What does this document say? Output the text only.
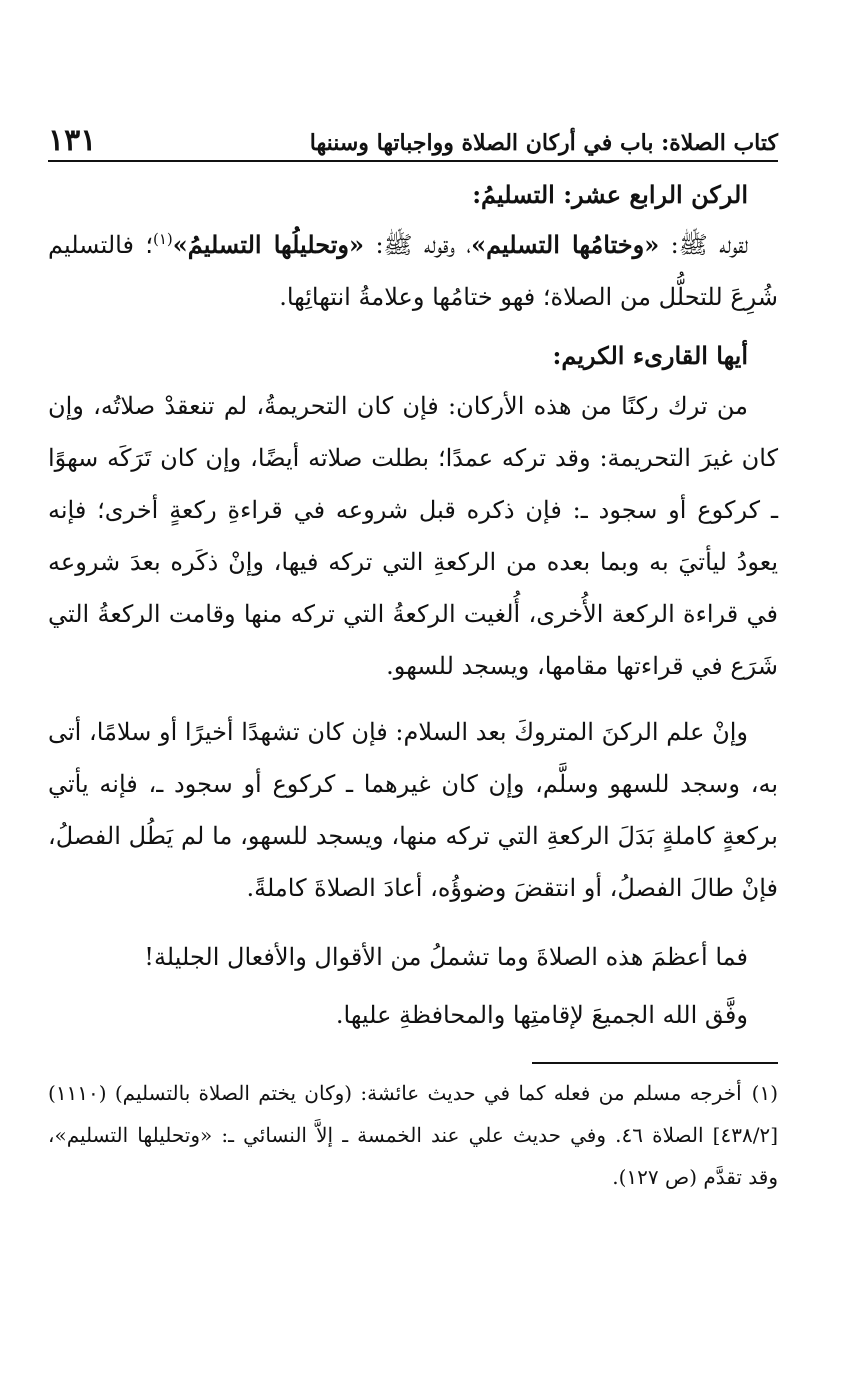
كتاب الصلاة: باب في أركان الصلاة وواجباتها وسننها
١٣١
الركن الرابع عشر: التسليمُ:

لقوله ﷺ: «وختامُها التسليم»، وقوله ﷺ: «وتحليلُها التسليمُ»$^{(١)}$؛ فالتسليم شُرِعَ للتحلُّل من الصلاة؛ فهو ختامُها وعلامةُ انتهائِها.

أيها القارىء الكريم:

من ترك ركنًا من هذه الأركان: فإن كان التحريمةُ، لم تنعقدْ صلاتُه، وإن كان غيرَ التحريمة: وقد تركه عمدًا؛ بطلت صلاته أيضًا، وإن كان تَرَكَه سهوًا ـ كركوع أو سجود ـ: فإن ذكره قبل شروعه في قراءةِ ركعةٍ أخرى؛ فإنه يعودُ ليأتيَ به وبما بعده من الركعةِ التي تركه فيها، وإنْ ذكَره بعدَ شروعه في قراءة الركعة الأُخرى، أُلغيت الركعةُ التي تركه منها وقامت الركعةُ التي شَرَع في قراءتها مقامها، ويسجد للسهو.

وإنْ علم الركنَ المتروكَ بعد السلام: فإن كان تشهدًا أخيرًا أو سلامًا، أتى به، وسجد للسهو وسلَّم، وإن كان غيرهما ـ كركوع أو سجود ـ، فإنه يأتي بركعةٍ كاملةٍ بَدَلَ الركعةِ التي تركه منها، ويسجد للسهو، ما لم يَطُل الفصلُ، فإنْ طالَ الفصلُ، أو انتقضَ وضوؤُه، أعادَ الصلاةَ كاملةً.

فما أعظمَ هذه الصلاةَ وما تشملُ من الأقوال والأفعال الجليلة!
وفَّق الله الجميعَ لإقامتِها والمحافظةِ عليها.
(١)أخرجه مسلم من فعله كما في حديث عائشة: (وكان يختم الصلاة بالتسليم) (١١١٠) [٤٣٨/٢] الصلاة ٤٦. وفي حديث علي عند الخمسة ـ إلاَّ النسائي ـ: «وتحليلها التسليم»، وقد تقدَّم (ص ١٢٧).
